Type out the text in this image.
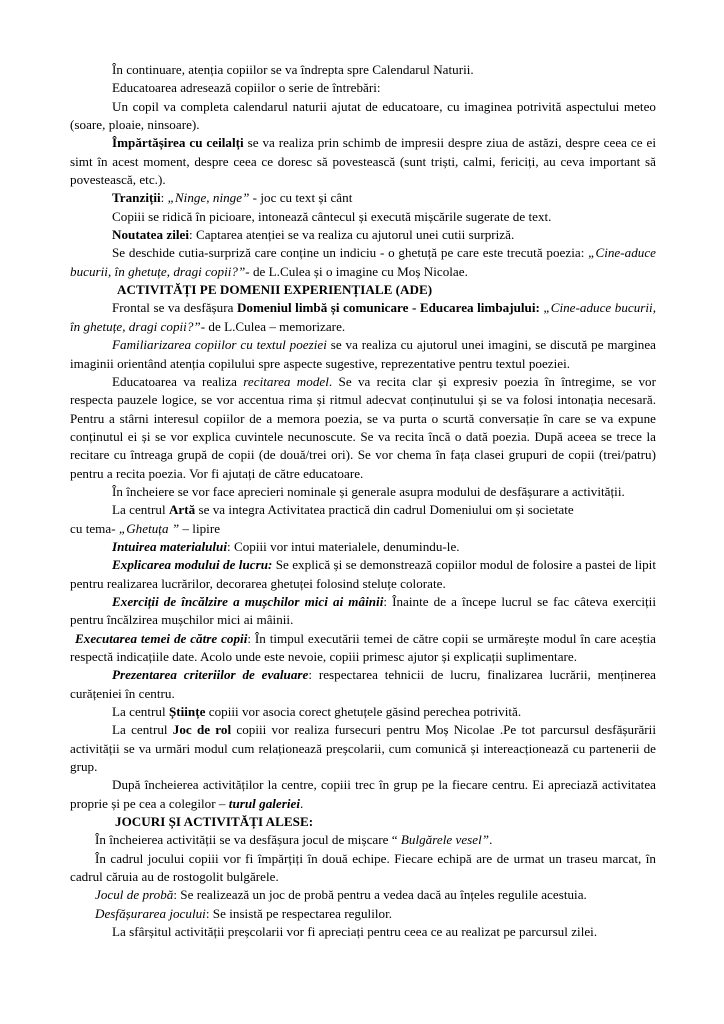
În continuare, atenția copiilor se va îndrepta spre Calendarul Naturii.

Educatoarea adresează copiilor o serie de întrebări:

Un copil va completa calendarul naturii ajutat de educatoare, cu imaginea potrivită aspectului meteo (soare, ploaie, ninsoare).

Împărtășirea cu ceilalți se va realiza prin schimb de impresii despre ziua de astăzi, despre ceea ce ei simt în acest moment, despre ceea ce doresc să povestească (sunt triști, calmi, fericiți, au ceva important să povestească, etc.).

Tranziții: „Ninge, ninge” - joc cu text și cânt

Copiii se ridică în picioare, intonează cântecul și execută mișcările sugerate de text.

Noutatea zilei: Captarea atenției se va realiza cu ajutorul unei cutii surpriză.

Se deschide cutia-surpriză care conține un indiciu - o ghetuță pe care este trecută poezia: „Cine-aduce bucurii, în ghetuțe, dragi copii?”- de L.Culea și o imagine cu Moș Nicolae.

ACTIVITĂȚI PE DOMENII EXPERIENȚIALE (ADE)

Frontal se va desfășura Domeniul limbă și comunicare - Educarea limbajului: „Cine-aduce bucurii, în ghetuțe, dragi copii?”- de L.Culea – memorizare.

Familiarizarea copiilor cu textul poeziei se va realiza cu ajutorul unei imagini, se discută pe marginea imaginii orientând atenția copilului spre aspecte sugestive, reprezentative pentru textul poeziei.

Educatoarea va realiza recitarea model. Se va recita clar și expresiv poezia în întregime, se vor respecta pauzele logice, se vor accentua rima și ritmul adecvat conținutului și se va folosi intonația necesară. Pentru a stârni interesul copiilor de a memora poezia, se va purta o scurtă conversație în care se va expune conținutul ei și se vor explica cuvintele necunoscute. Se va recita încă o dată poezia. După aceea se trece la recitare cu întreaga grupă de copii (de două/trei ori). Se vor chema în fața clasei grupuri de copii (trei/patru) pentru a recita poezia. Vor fi ajutați de către educatoare.

În încheiere se vor face aprecieri nominale și generale asupra modului de desfășurare a activității.

La centrul Artă se va integra Activitatea practică din cadrul Domeniului om și societate

cu tema- „Ghetuța ” – lipire

Intuirea materialului: Copiii vor intui materialele, denumindu-le.

Explicarea modului de lucru: Se explică și se demonstrează copiilor modul de folosire a pastei de lipit pentru realizarea lucrărilor, decorarea ghetuței folosind steluțe colorate.

Exerciții de încălzire a mușchilor mici ai mâinii: Înainte de a începe lucrul se fac câteva exerciții pentru încălzirea mușchilor mici ai mâinii.

Executarea temei de către copii: În timpul executării temei de către copii se urmărește modul în care aceștia respectă indicațiile date. Acolo unde este nevoie, copiii primesc ajutor și explicații suplimentare.

Prezentarea criteriilor de evaluare: respectarea tehnicii de lucru, finalizarea lucrării, menținerea curățeniei în centru.

La centrul Științe copiii vor asocia corect ghetuțele găsind perechea potrivită.

La centrul Joc de rol copiii vor realiza fursecuri pentru Moș Nicolae .Pe tot parcursul desfășurării activității se va urmări modul cum relaționează preșcolarii, cum comunică și intereacționează cu partenerii de grup.

După încheierea activităților la centre, copiii trec în grup pe la fiecare centru. Ei apreciază activitatea proprie și pe cea a colegilor – turul galeriei.

JOCURI ȘI ACTIVITĂȚI ALESE:

În încheierea activității se va desfășura jocul de mișcare “ Bulgărele vesel”.

În cadrul jocului copiii vor fi împărțiți în două echipe. Fiecare echipă are de urmat un traseu marcat, în cadrul căruia au de rostogolit bulgărele.

Jocul de probă: Se realizează un joc de probă pentru a vedea dacă au înțeles regulile acestuia.

Desfășurarea jocului: Se insistă pe respectarea regulilor.

La sfârșitul activității preșcolarii vor fi apreciați pentru ceea ce au realizat pe parcursul zilei.
